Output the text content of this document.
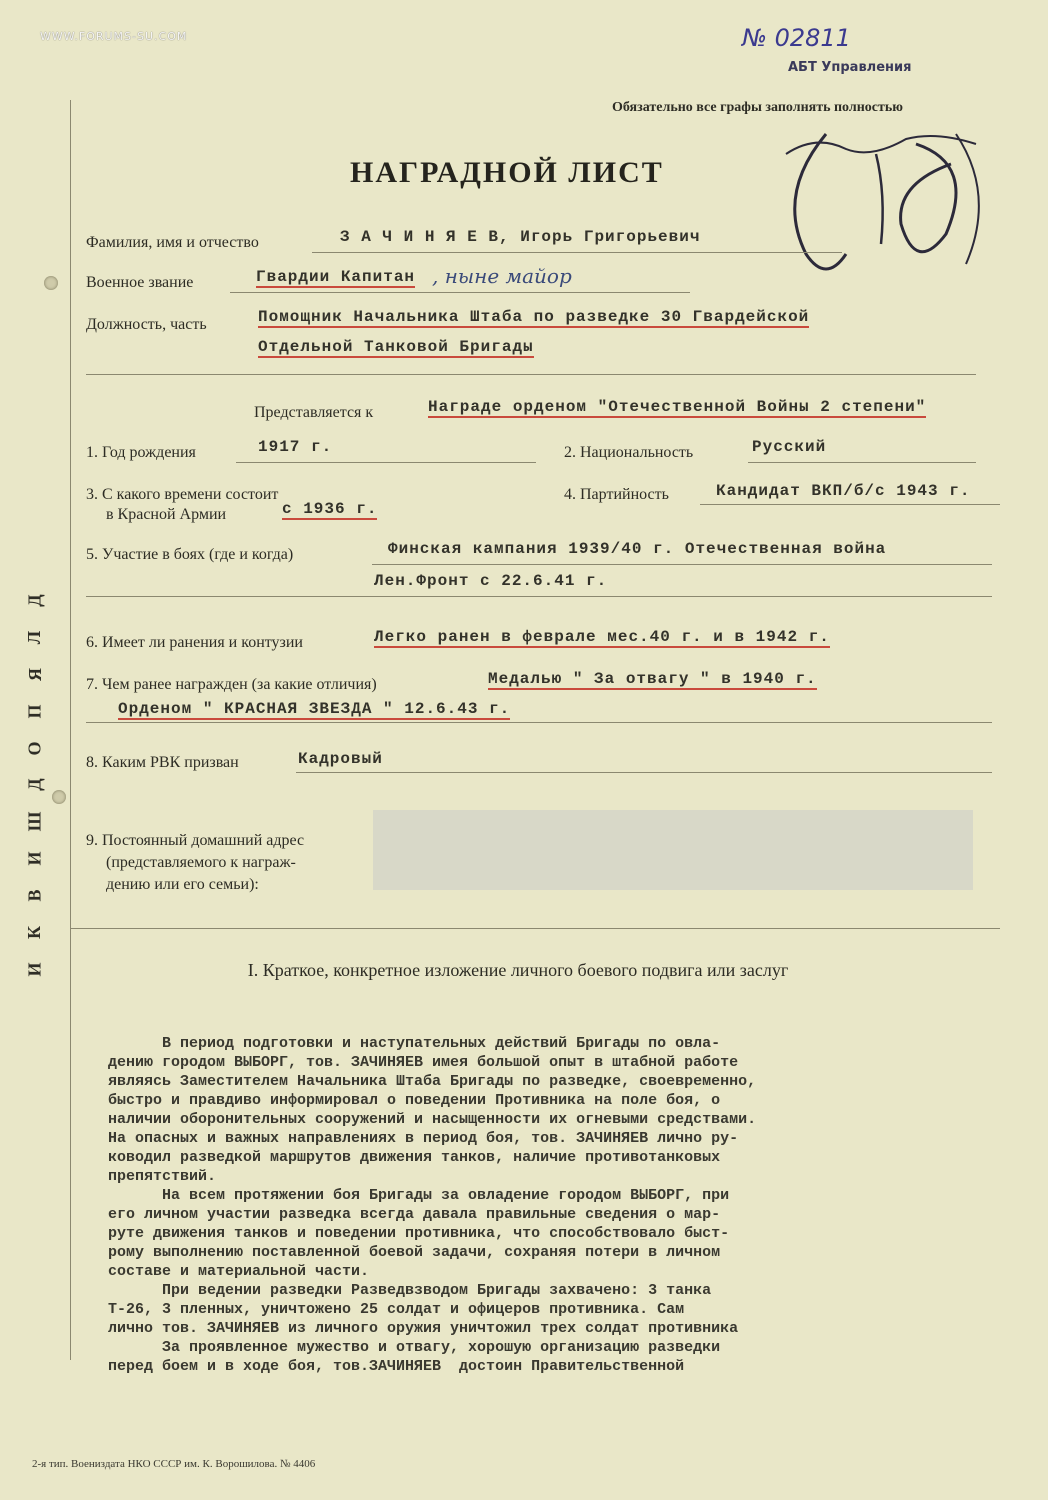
WWW.FORUMS-SU.COM	№ 02811
АБТ Управления
Обязательно все графы заполнять полностью
Д
Л
Я
П
О
Д
Ш
И
В
К
И
НАГРАДНОЙ ЛИСТ
Фамилия, имя и отчество	З А Ч И Н Я Е В, Игорь Григорьевич
Военное звание	Гвардии Капитан , ныне майор
Должность, часть	Помощник Начальника Штаба по разведке 30 Гвардейской
Отдельной Танковой Бригады
Представляется к	Награде орденом "Отечественной Войны 2 степени"
1. Год рождения	1917 г.	2. Национальность	Русский
3. С какого времени состоит
в Красной Армии	с 1936 г.
4. Партийность	Кандидат ВКП/б/с 1943 г.
5. Участие в боях (где и когда)	Финская кампания 1939/40 г. Отечественная война
Лен.Фронт с 22.6.41 г.
6. Имеет ли ранения и контузии	Легко ранен в феврале мес.40 г. и в 1942 г.
7. Чем ранее награжден (за какие отличия)	Медалью " За отвагу " в 1940 г.
Орденом " КРАСНАЯ ЗВЕЗДА " 12.6.43 г.
8. Каким РВК призван	Кадровый
9. Постоянный домашний адрес
(представляемого к награж-
дению или его семьи):
I. Краткое, конкретное изложение личного боевого подвига или заслуг

В период подготовки и наступательных действий Бригады по овла-

дению городом ВЫБОРГ, тов. ЗАЧИНЯЕВ имея большой опыт в штабной работе

являясь Заместителем Начальника Штаба Бригады по разведке, своевременно,

быстро и правдиво информировал о поведении Противника на поле боя, о

наличии оборонительных сооружений и насыщенности их огневыми средствами.

На опасных и важных направлениях в период боя, тов. ЗАЧИНЯЕВ лично ру-

ководил разведкой маршрутов движения танков, наличие противотанковых

препятствий.

На всем протяжении боя Бригады за овладение городом ВЫБОРГ, при

его личном участии разведка всегда давала правильные сведения о мар-

руте движения танков и поведении противника, что способствовало быст-

рому выполнению поставленной боевой задачи, сохраняя потери в личном

составе и материальной части.

При ведении разведки Разведвзводом Бригады захвачено: 3 танка

Т-26, 3 пленных, уничтожено 25 солдат и офицеров противника. Сам

лично тов. ЗАЧИНЯЕВ из личного оружия уничтожил трех солдат противника

За проявленное мужество и отвагу, хорошую организацию разведки

перед боем и в ходе боя, тов.ЗАЧИНЯЕВ  достоин Правительственной

2-я тип. Воениздата НКО СССР им. К. Ворошилова. № 4406
